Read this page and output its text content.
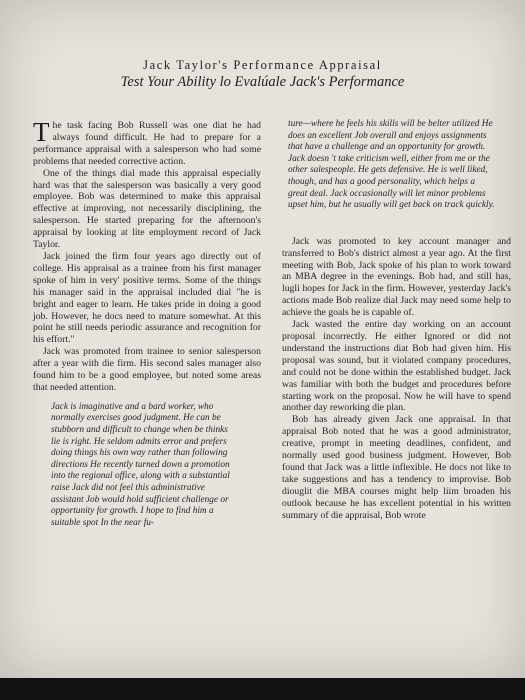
Jack Taylor's Performance Appraisal
Test Your Ability lo Evalúale Jack's Performance

The task facing Bob Russell was one diat he had always found difficult. He had to prepare for a performance appraisal with a salesperson who had some problems that needed corrective action.

One of the things dial made this appraisal especially hard was that the salesperson was basically a very good employee. Bob was determined to make this appraisal effective at improving, not necessarily disciplining, the salesperson. He started preparing for the afternoon's appraisal by looking at lite employment record of Jack Taylor.

Jack joined the firm four years ago directly out of college. His appraisal as a trainee from his first manager spoke of him in very' positive terms. Some of the things his manager said in the appraisal included dial "he is bright and eager to learn. He takes pride in doing a good job. However, he docs need to mature somewhat. At this point he still needs periodic assurance and recognition for his effort."

Jack was promoted from trainee to senior salesperson after a year with die firm. His second sales manager also found him to be a good employee, but noted some areas that needed attention.

Jack is imaginative and a bard worker, who normally exercises good judgment. He can be stubborn and difficult to change when be thinks lie is right. He seldom admits error and prefers doing things his own way rather than following directions He recently turned down a promotion into the regional office, along with a substantial raise Jack did not feel this administrative assistant Job would hold sufficient challenge or opportunity for growth. I hope to find him a suitable spot In the near fu-

ture—where he feels his skills will be belter utilized He does an excellent Job overall and enjoys assignments that have a challenge and an opportunity for growth. Jack doesn 't take criticism well, either from me or the other salespeople. He gets defensive. He is well liked, though, and has a good personality, which helps a great deal. Jack occasionally will let minor problems upset him, but he usually will get back on track quickly.

Jack was promoted to key account manager and transferred to Bob's district almost a year ago. At the first meeting with Bob, Jack spoke of his plan to work toward an MBA degree in the evenings. Bob had, and still has, lugli hopes for Jack in the firm. However, yesterday Jack's actions made Bob realize dial Jack may need some help to achieve the goals he is capable of.

Jack wasted the entire day working on an account proposal incorrectly. He either Ignored or did not understand the instructions diat Bob had given him. His proposal was sound, but it violated company procedures, and could not be done within the established budget. Jack was familiar with both the budget and procedures before starting work on the proposal. Now he will have to spend another day reworking die plan.

Bob has already given Jack one appraisal. In that appraisal Bob noted that he was a good administrator, creative, prompt in meeting deadlines, confident, and normally used good business judgment. However, Bob found that Jack was a little inflexible. He docs not like to take suggestions and has a tendency to improvise. Bob diouglit die MBA courses might help liim broaden his outlook because he has excellent potential in his written summary of die appraisal, Bob wrote
